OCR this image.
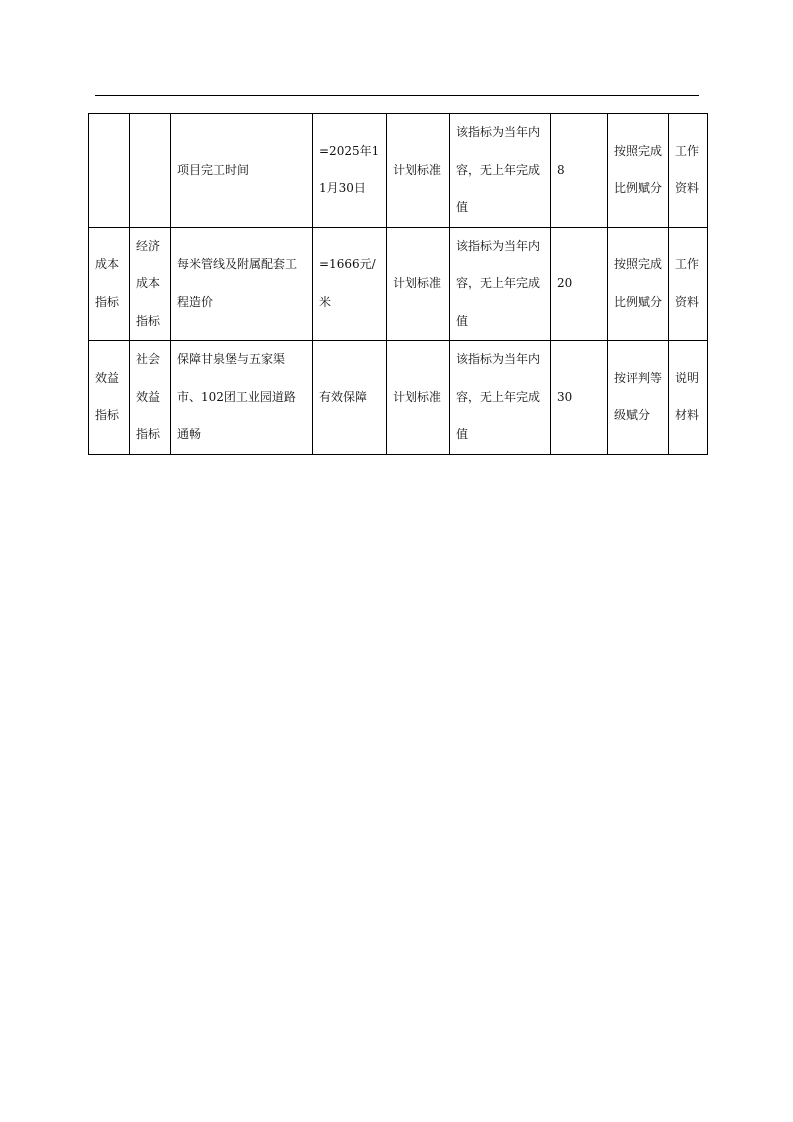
		项目完工时间	=2025年11月30日	计划标准	该指标为当年内容，无上年完成值	8	按照完成比例赋分	工作资料
成本指标	经济成本指标	每米管线及附属配套工程造价	=1666元/米	计划标准	该指标为当年内容，无上年完成值	20	按照完成比例赋分	工作资料
效益指标	社会效益指标	保障甘泉堡与五家渠市、102团工业园道路通畅	有效保障	计划标准	该指标为当年内容，无上年完成值	30	按评判等级赋分	说明材料
